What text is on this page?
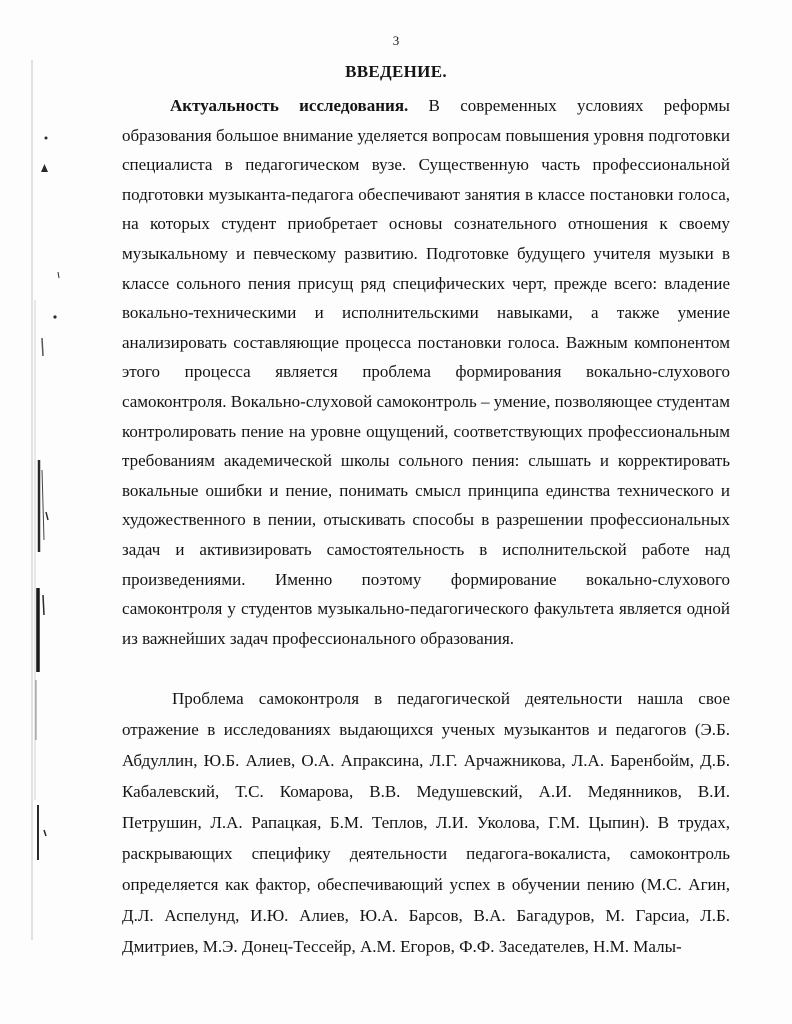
3
ВВЕДЕНИЕ.

Актуальность исследования. В современных условиях реформы образования большое внимание уделяется вопросам повышения уровня подготовки специалиста в педагогическом вузе. Существенную часть профессиональной подготовки музыканта-педагога обеспечивают занятия в классе постановки голоса, на которых студент приобретает основы сознательного отношения к своему музыкальному и певческому развитию. Подготовке будущего учителя музыки в классе сольного пения присущ ряд специфических черт, прежде всего: владение вокально-техническими и исполнительскими навыками, а также умение анализировать составляющие процесса постановки голоса. Важным компонентом этого процесса является проблема формирования вокально-слухового самоконтроля. Вокально-слуховой самоконтроль – умение, позволяющее студентам контролировать пение на уровне ощущений, соответствующих профессиональным требованиям академической школы сольного пения: слышать и корректировать вокальные ошибки и пение, понимать смысл принципа единства технического и художественного в пении, отыскивать способы в разрешении профессиональных задач и активизировать самостоятельность в исполнительской работе над произведениями. Именно поэтому формирование вокально-слухового самоконтроля у студентов музыкально-педагогического факультета является одной из важнейших задач профессионального образования.

Проблема самоконтроля в педагогической деятельности нашла свое отражение в исследованиях выдающихся ученых музыкантов и педагогов (Э.Б. Абдуллин, Ю.Б. Алиев, О.А. Апраксина, Л.Г. Арчажникова, Л.А. Баренбойм, Д.Б. Кабалевский, Т.С. Комарова, В.В. Медушевский, А.И. Медянников, В.И. Петрушин, Л.А. Рапацкая, Б.М. Теплов, Л.И. Уколова, Г.М. Цыпин). В трудах, раскрывающих специфику деятельности педагога-вокалиста, самоконтроль определяется как фактор, обеспечивающий успех в обучении пению (М.С. Агин, Д.Л. Аспелунд, И.Ю. Алиев, Ю.А. Барсов, В.А. Багадуров, М. Гарсиа, Л.Б. Дмитриев, М.Э. Донец-Тессейр, А.М. Егоров, Ф.Ф. Заседателев, Н.М. Малы-
